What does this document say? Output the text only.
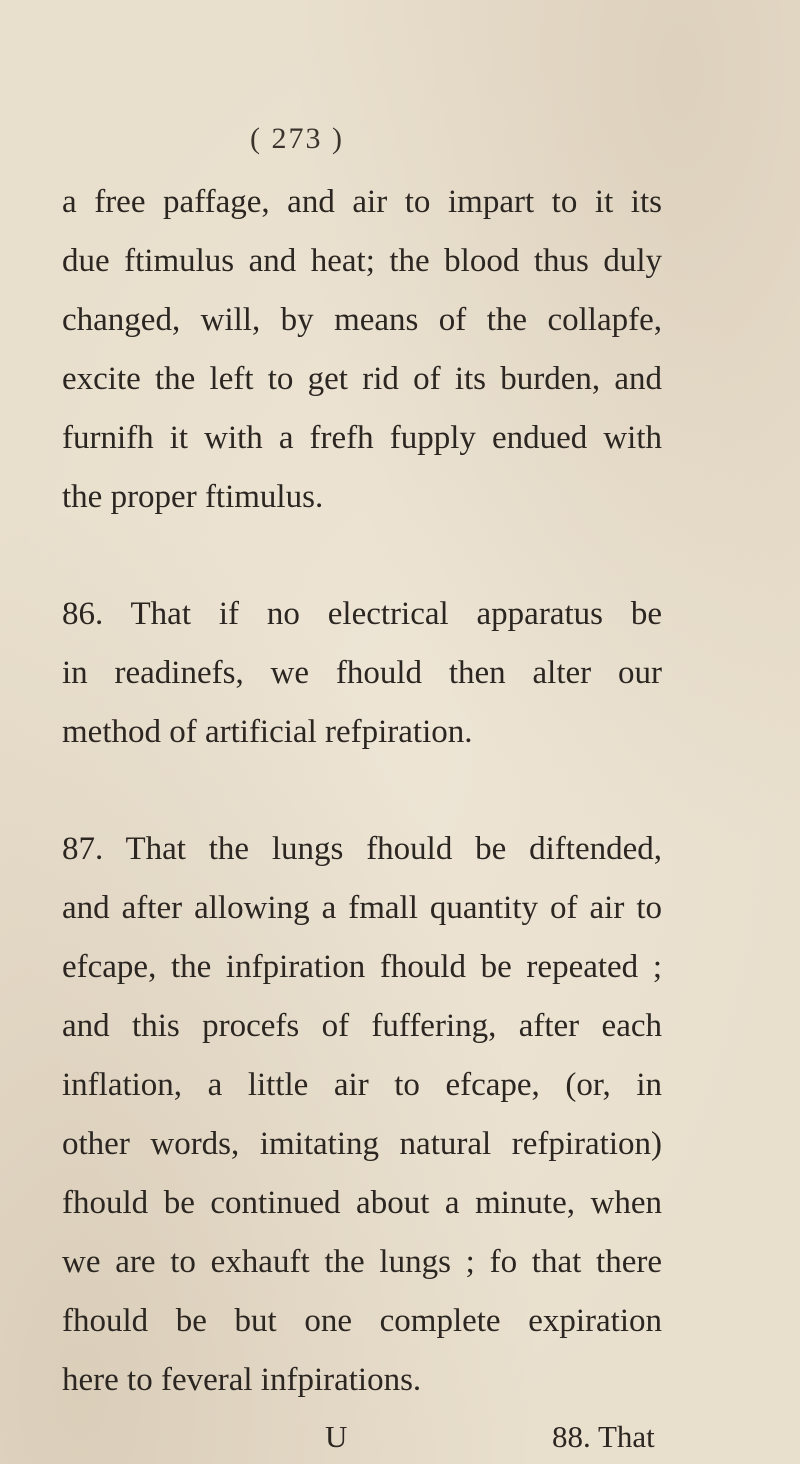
( 273 )
a free paffage, and air to impart to it its
due ftimulus and heat; the blood thus duly
changed, will, by means of the collapfe,
excite the left to get rid of its burden, and
furnifh it with a frefh fupply endued with
the proper ftimulus.
86. That if no electrical apparatus be
in readinefs, we fhould then alter our
method of artificial refpiration.
87. That the lungs fhould be diftended,
and after allowing a fmall quantity of air to
efcape, the infpiration fhould be repeated ;
and this procefs of fuffering, after each
inflation, a little air to efcape, (or, in
other words, imitating natural refpiration)
fhould be continued about a minute, when
we are to exhauft the lungs ; fo that there
fhould be but one complete expiration
here to feveral infpirations.
U	88. That
